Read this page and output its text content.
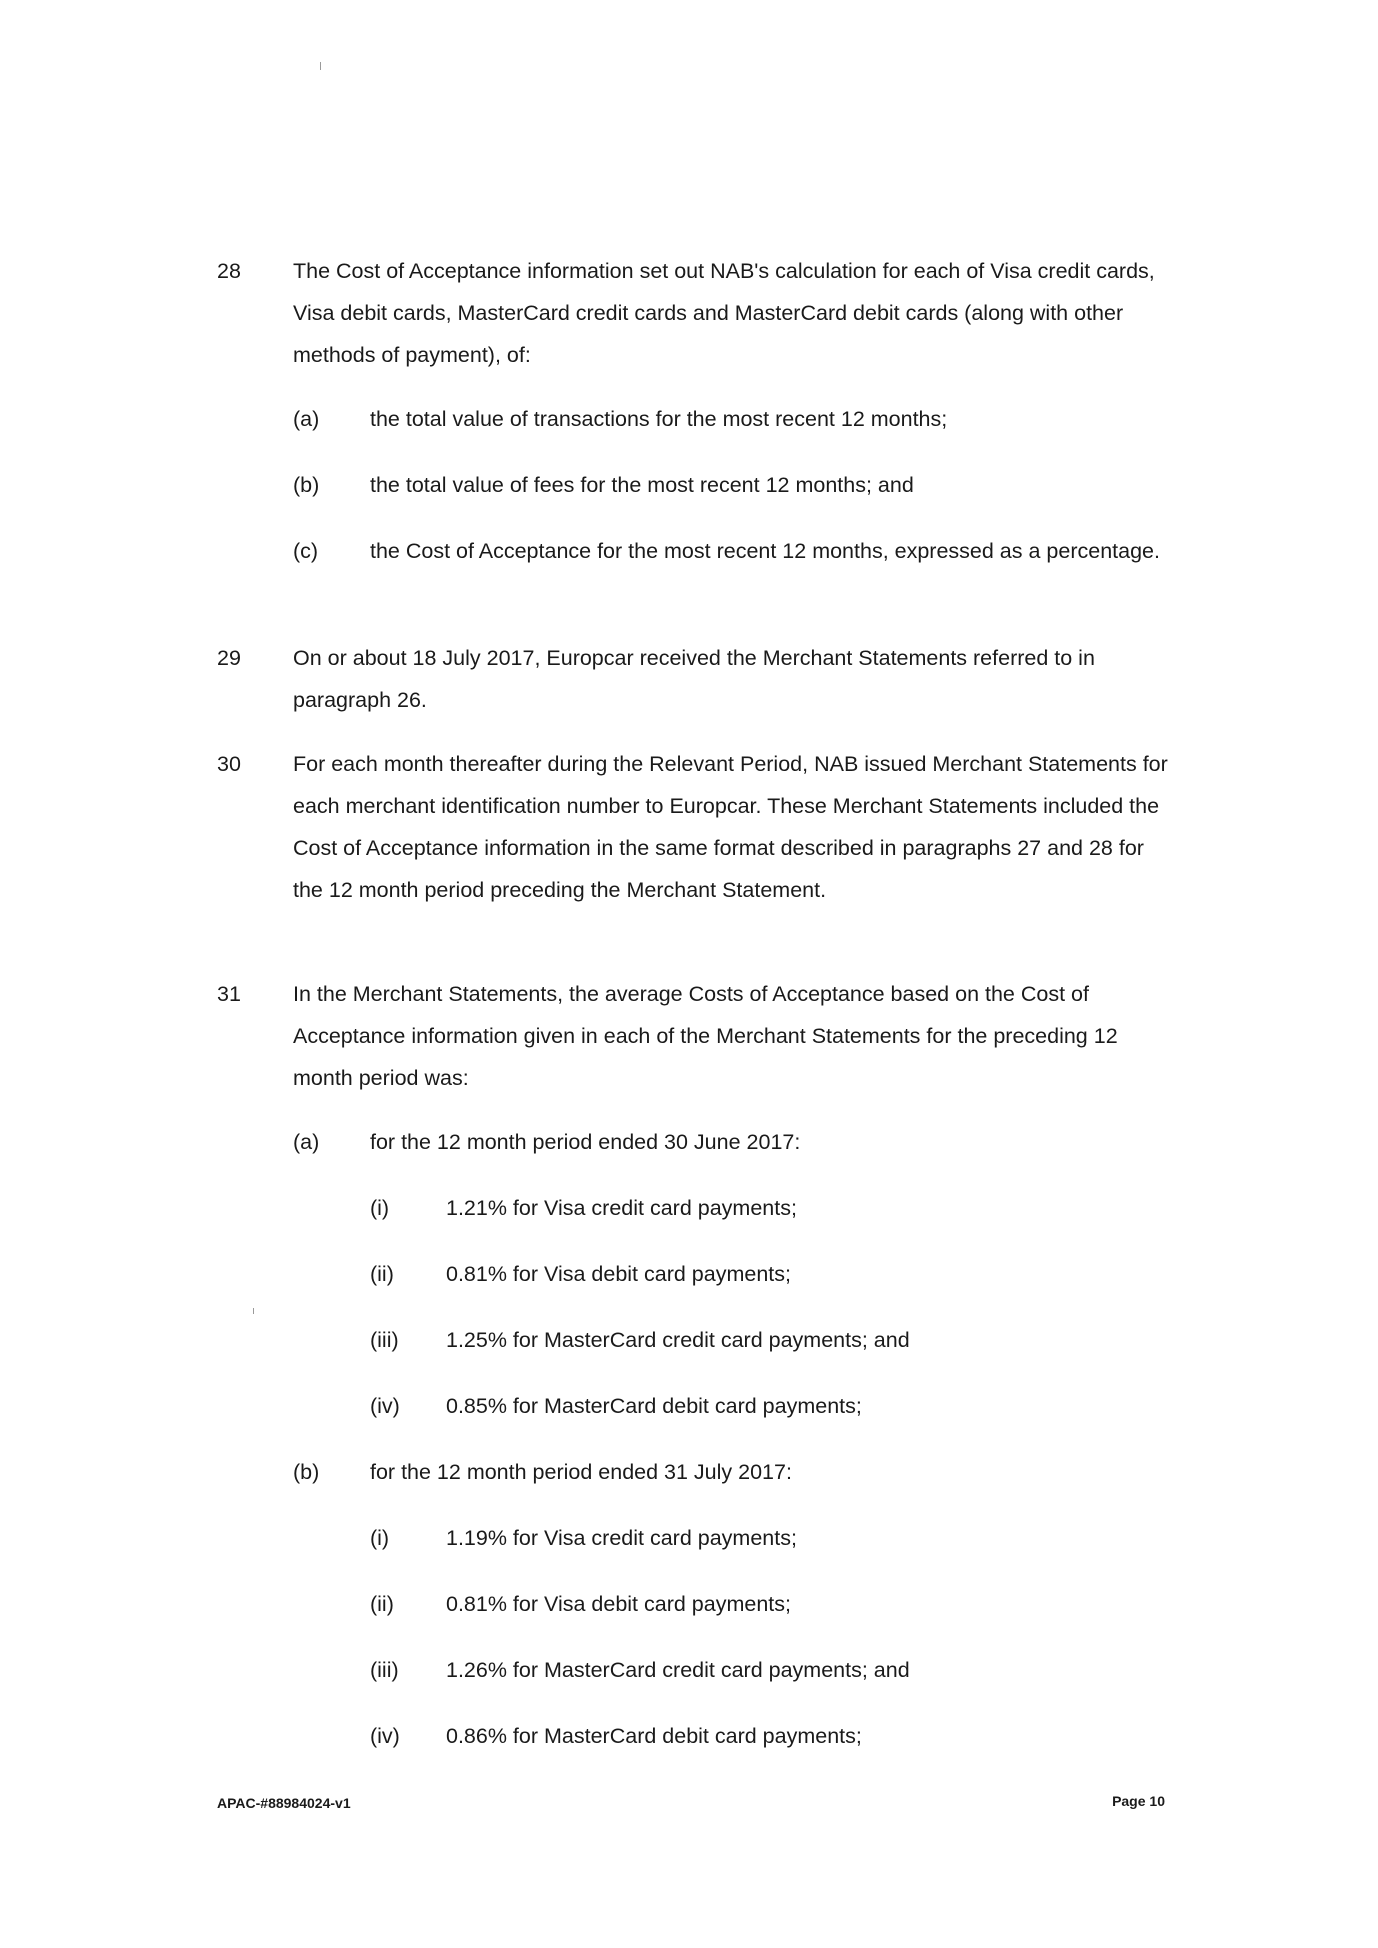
28 The Cost of Acceptance information set out NAB's calculation for each of Visa credit cards, Visa debit cards, MasterCard credit cards and MasterCard debit cards (along with other methods of payment), of:
(a) the total value of transactions for the most recent 12 months;
(b) the total value of fees for the most recent 12 months; and
(c) the Cost of Acceptance for the most recent 12 months, expressed as a percentage.
29 On or about 18 July 2017, Europcar received the Merchant Statements referred to in paragraph 26.
30 For each month thereafter during the Relevant Period, NAB issued Merchant Statements for each merchant identification number to Europcar. These Merchant Statements included the Cost of Acceptance information in the same format described in paragraphs 27 and 28 for the 12 month period preceding the Merchant Statement.
31 In the Merchant Statements, the average Costs of Acceptance based on the Cost of Acceptance information given in each of the Merchant Statements for the preceding 12 month period was:
(a) for the 12 month period ended 30 June 2017:
(i)	1.21% for Visa credit card payments;
(ii) 0.81% for Visa debit card payments;
(iii) 1.25% for MasterCard credit card payments; and
(iv) 0.85% for MasterCard debit card payments;
(b) for the 12 month period ended 31 July 2017:
(i)	1.19% for Visa credit card payments;
(ii) 0.81% for Visa debit card payments;
(iii) 1.26% for MasterCard credit card payments; and
(iv) 0.86% for MasterCard debit card payments;
APAC-#88984024-v1	Page 10
